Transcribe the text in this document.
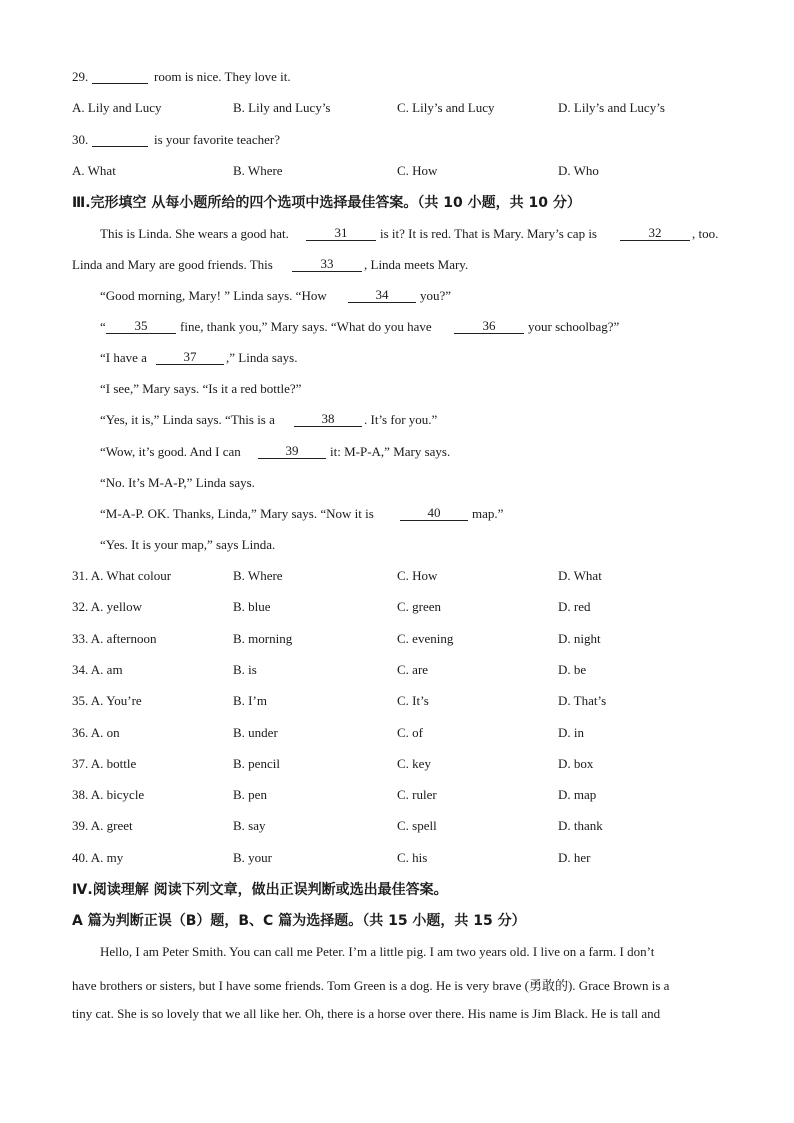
29.	room is nice. They love it.
A. Lily and Lucy	B. Lily and Lucy’s	C. Lily’s and Lucy	D. Lily’s and Lucy’s
30.	is your favorite teacher?
A. What	B. Where	C. How	D. Who
Ⅲ.完形填空 从每小题所给的四个选项中选择最佳答案。（共 10 小题，共 10 分）
This is Linda. She wears a good hat.	31	is it? It is red. That is Mary. Mary’s cap is	32	, too.
Linda and Mary are good friends. This	33	, Linda meets Mary.
“Good morning, Mary! ” Linda says. “How	34	you?”
“	35	fine, thank you,” Mary says. “What do you have	36	your schoolbag?”
“I have a	37	,” Linda says.
“I see,” Mary says. “Is it a red bottle?”
“Yes, it is,” Linda says. “This is a	38	. It’s for you.”
“Wow, it’s good. And I can	39	it: M-P-A,” Mary says.
“No. It’s M-A-P,” Linda says.
“M-A-P. OK. Thanks, Linda,” Mary says. “Now it is	40	map.”
“Yes. It is your map,” says Linda.
31. A. What colour	B. Where	C. How	D. What
32. A. yellow	B. blue	C. green	D. red
33. A. afternoon	B. morning	C. evening	D. night
34. A. am	B. is	C. are	D. be
35. A. You’re	B. I’m	C. It’s	D. That’s
36. A. on	B. under	C. of	D. in
37. A. bottle	B. pencil	C. key	D. box
38. A. bicycle	B. pen	C. ruler	D. map
39. A. greet	B. say	C. spell	D. thank
40. A. my	B. your	C. his	D. her
Ⅳ.阅读理解 阅读下列文章，做出正误判断或选出最佳答案。
A 篇为判断正误（B）题，B、C 篇为选择题。（共 15 小题，共 15 分）
Hello, I am Peter Smith. You can call me Peter. I’m a little pig. I am two years old. I live on a farm. I don’t
have brothers or sisters, but I have some friends. Tom Green is a dog. He is very brave (勇敢的). Grace Brown is a
tiny cat. She is so lovely that we all like her. Oh, there is a horse over there. His name is Jim Black. He is tall and
